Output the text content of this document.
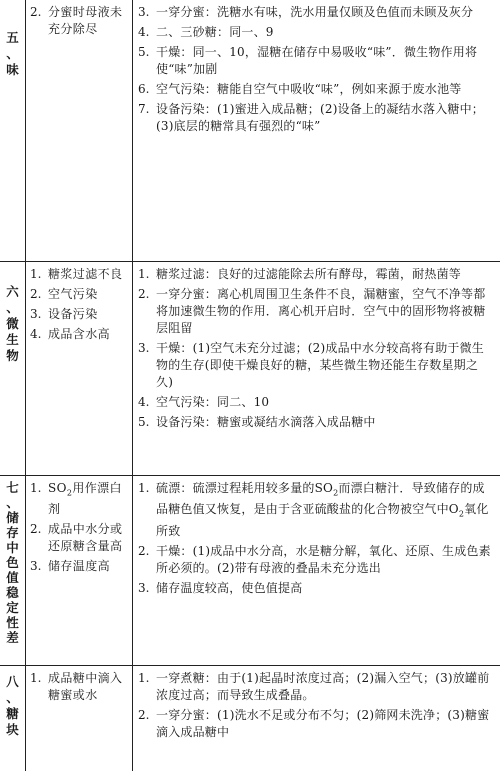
五
、
味
2. 分蜜时母液未充分除尽
3. 一穿分蜜：洗糖水有味，洗水用量仅顾及色值而未顾及灰分
4. 二、三砂糖：同一、9
5. 干燥：同一、10，湿糖在储存中易吸收“味”．微生物作用将使“味”加剧
6. 空气污染：糖能自空气中吸收“味”，例如来源于废水池等
7. 设备污染：(1)蜜进入成品糖；(2)设备上的凝结水落入糖中；(3)底层的糖常具有强烈的“味”
六
、
微
生
物
1. 糖浆过滤不良
2. 空气污染
3. 设备污染
4. 成品含水高
1. 糖浆过滤：良好的过滤能除去所有酵母，霉菌，耐热菌等
2. 一穿分蜜：离心机周围卫生条件不良，漏糖蜜，空气不净等都将加速微生物的作用．离心机开启时．空气中的固形物将被糖层阻留
3. 干燥：(1)空气未充分过滤；(2)成品中水分较高将有助于微生物的生存(即使干燥良好的糖，某些微生物还能生存数星期之久)
4. 空气污染：同二、10
5. 设备污染：糖蜜或凝结水滴落入成品糖中
七
、
储
存
中
色
值
稳
定
性
差
1. $SO_2$用作漂白剂
2. 成品中水分或还原糖含量高
3. 储存温度高
1. 硫漂：硫漂过程耗用较多量的$SO_2$而漂白糖汁．导致储存的成品糖色值又恢复，是由于含亚硫酸盐的化合物被空气中$O_2$氧化所致
2. 干燥：(1)成品中水分高，水是糖分解，氧化、还原、生成色素所必须的。(2)带有母液的叠晶未充分选出
3. 储存温度较高，使色值提高
八
、
糖
块
1. 成品糖中滴入糖蜜或水
1. 一穿煮糖：由于(1)起晶时浓度过高；(2)漏入空气；(3)放罐前浓度过高；而导致生成叠晶。
2. 一穿分蜜：(1)洗水不足或分布不匀；(2)筛网未洗净；(3)糖蜜滴入成品糖中
